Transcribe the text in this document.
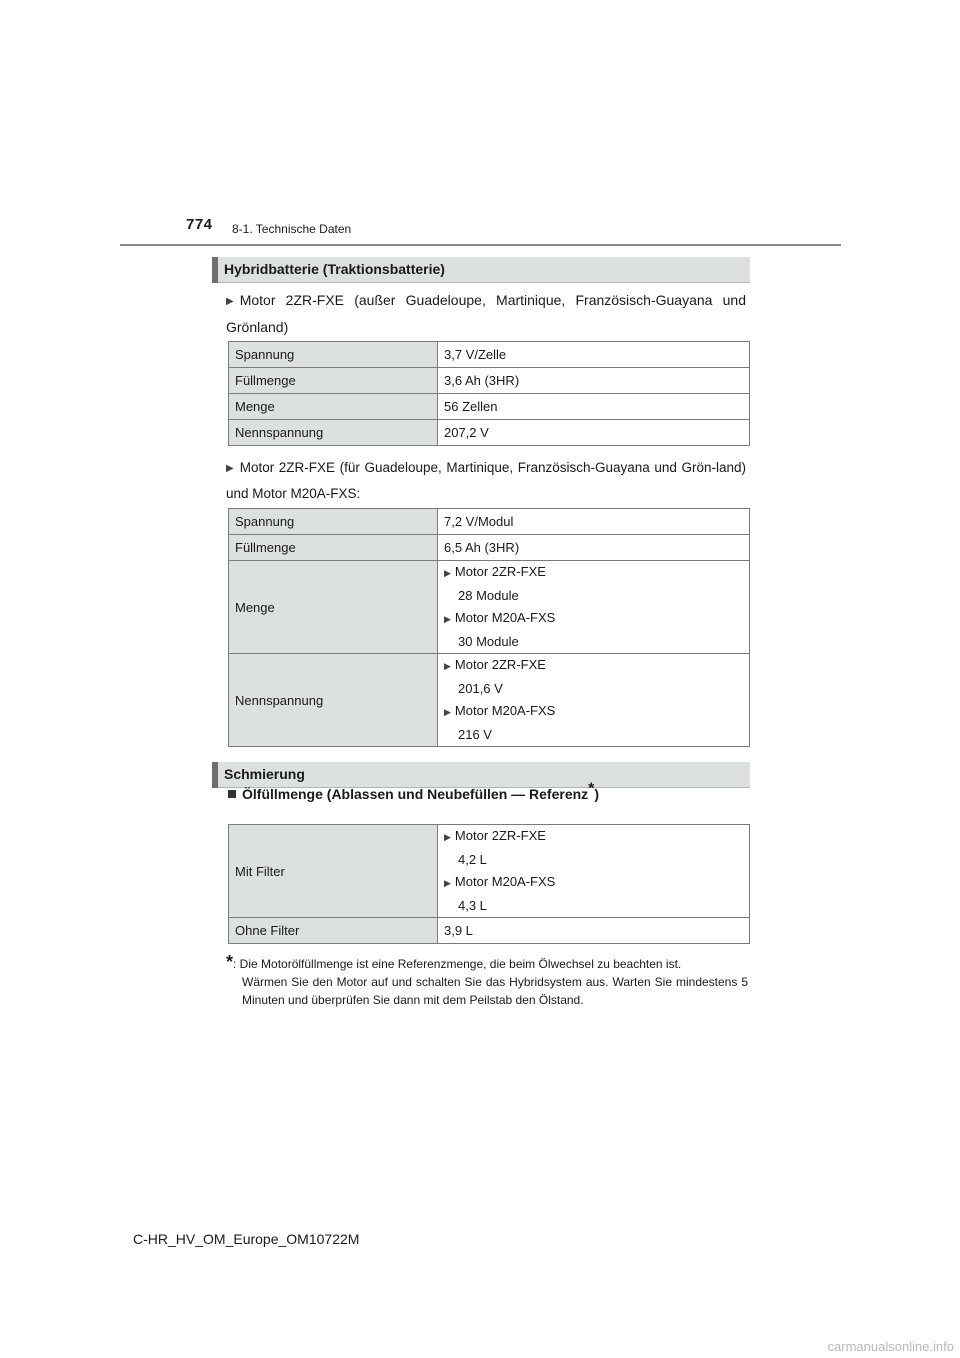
774 8-1. Technische Daten
Hybridbatterie (Traktionsbatterie)
▶ Motor 2ZR-FXE (außer Guadeloupe, Martinique, Französisch-Guayana und Grönland)
Spannung	3,7 V/Zelle
Füllmenge	3,6 Ah (3HR)
Menge	56 Zellen
Nennspannung	207,2 V
▶ Motor 2ZR-FXE (für Guadeloupe, Martinique, Französisch-Guayana und Grön-land) und Motor M20A-FXS:
Spannung	7,2 V/Modul
Füllmenge	6,5 Ah (3HR)
Menge	▶ Motor 2ZR-FXE
28 Module
▶ Motor M20A-FXS
30 Module

Nennspannung	▶ Motor 2ZR-FXE
201,6 V
▶ Motor M20A-FXS
216 V
Schmierung
Ölfüllmenge (Ablassen und Neubefüllen — Referenz*)
Mit Filter	▶ Motor 2ZR-FXE
4,2 L
▶ Motor M20A-FXS
4,3 L

Ohne Filter	3,9 L
*: Die Motorölfüllmenge ist eine Referenzmenge, die beim Ölwechsel zu beachten ist.
Wärmen Sie den Motor auf und schalten Sie das Hybridsystem aus. Warten Sie mindestens 5 Minuten und überprüfen Sie dann mit dem Peilstab den Ölstand.
C-HR_HV_OM_Europe_OM10722M
carmanualsonline.info
